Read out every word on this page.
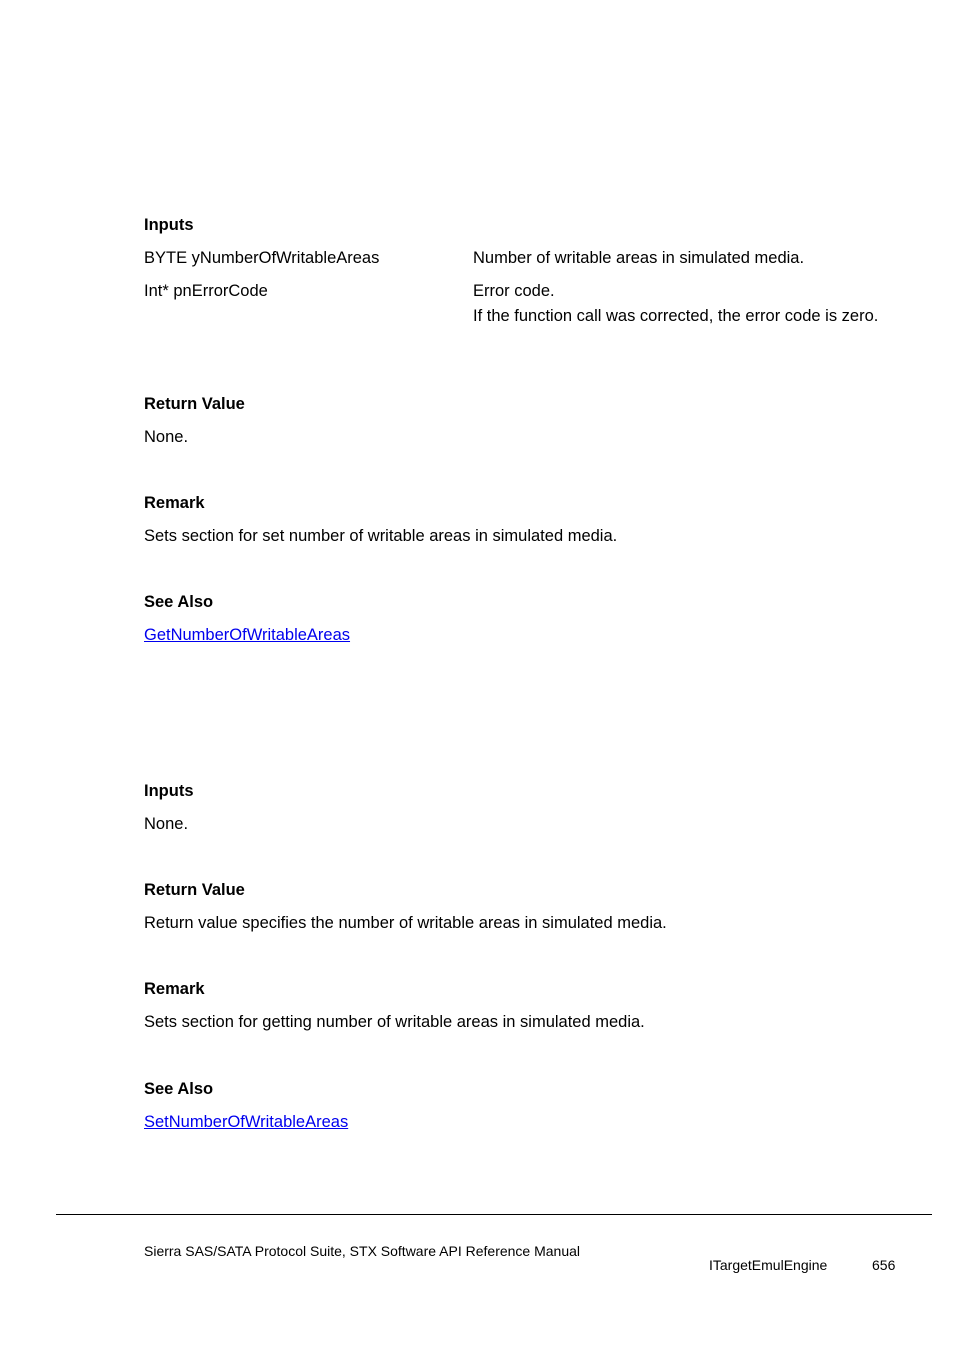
Inputs
BYTE yNumberOfWritableAreas	Number of writable areas in simulated media.
Int* pnErrorCode	Error code.
If the function call was corrected, the error code is zero.
Return Value
None.
Remark
Sets section for set number of writable areas in simulated media.
See Also
GetNumberOfWritableAreas
Inputs
None.
Return Value
Return value specifies the number of writable areas in simulated media.
Remark
Sets section for getting number of writable areas in simulated media.
See Also
SetNumberOfWritableAreas
Sierra SAS/SATA Protocol Suite, STX Software API Reference Manual
ITargetEmulEngine	656
